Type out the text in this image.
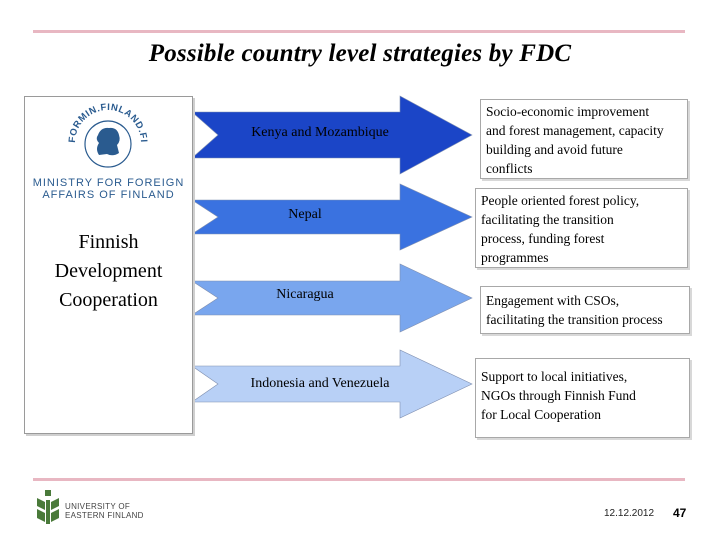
Possible country level strategies by FDC
Kenya and Mozambique
Nepal
Nicaragua
Indonesia and Venezuela
FORMIN.FINLAND.FI
MINISTRY FOR FOREIGN
AFFAIRS OF FINLAND
Finnish
Development
Cooperation
Socio-economic improvement
and forest management, capacity
building and avoid future
conflicts
People oriented forest policy,
facilitating the transition
process, funding forest
programmes
Engagement with CSOs,
facilitating the transition process
Support to local initiatives,
NGOs through Finnish Fund
for Local Cooperation
UNIVERSITY OF
EASTERN FINLAND	12.12.2012 47
